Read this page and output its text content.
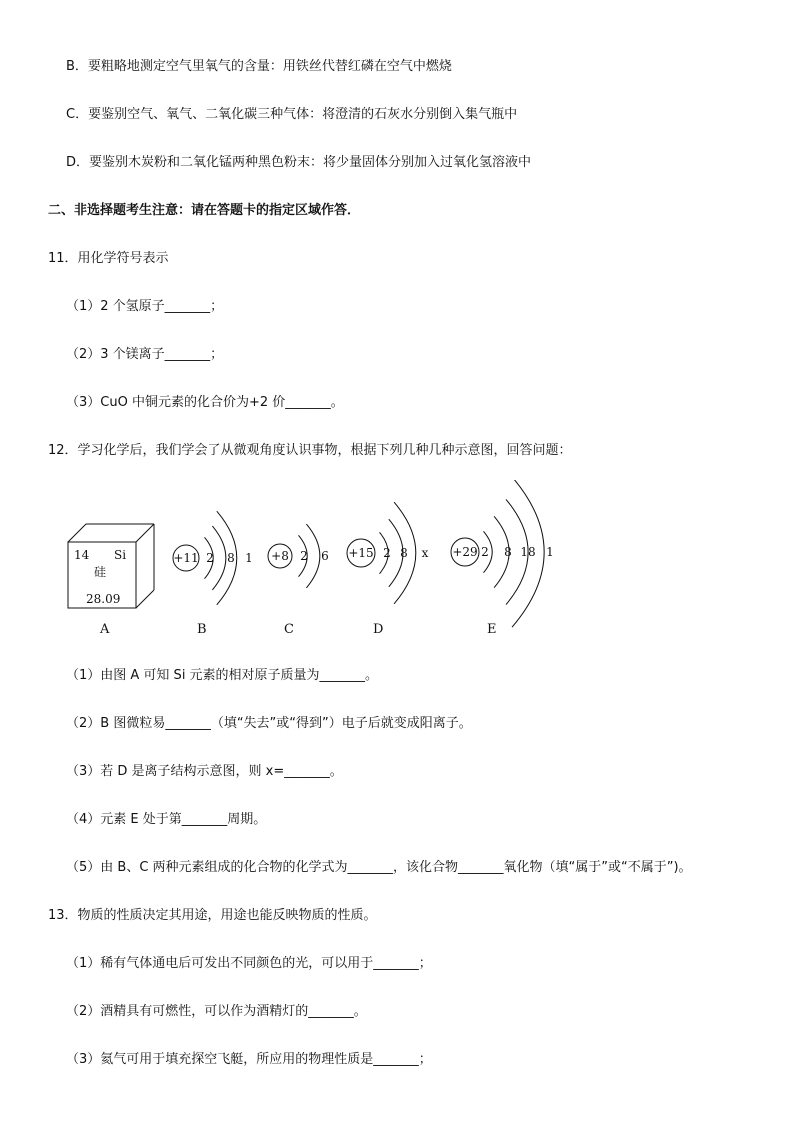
B．要粗略地测定空气里氧气的含量：用铁丝代替红磷在空气中燃烧
C．要鉴别空气、氧气、二氧化碳三种气体：将澄清的石灰水分别倒入集气瓶中
D．要鉴别木炭粉和二氧化锰两种黑色粉末：将少量固体分别加入过氧化氢溶液中
二、非选择题考生注意：请在答题卡的指定区域作答．
11．用化学符号表示
（1）2 个氢原子_______；
（2）3 个镁离子_______；
（3）CuO 中铜元素的化合价为+2 价_______。
12．学习化学后，我们学会了从微观角度认识事物，根据下列几种几种示意图，回答问题：
14 Si
硅
28.09
+11 2 8 1 +8 2 6 +15 2 8 x +29 2 8 18 1
A	B	C	D	E
（1）由图 A 可知 Si 元素的相对原子质量为_______。
（2）B 图微粒易_______（填“失去”或“得到”）电子后就变成阳离子。
（3）若 D 是离子结构示意图，则 x=_______。
（4）元素 E 处于第_______周期。
（5）由 B、C 两种元素组成的化合物的化学式为_______，该化合物_______氧化物（填“属于”或“不属于”)。
13．物质的性质决定其用途，用途也能反映物质的性质。
（1）稀有气体通电后可发出不同颜色的光，可以用于_______；
（2）酒精具有可燃性，可以作为酒精灯的_______。
（3）氦气可用于填充探空飞艇，所应用的物理性质是_______；
